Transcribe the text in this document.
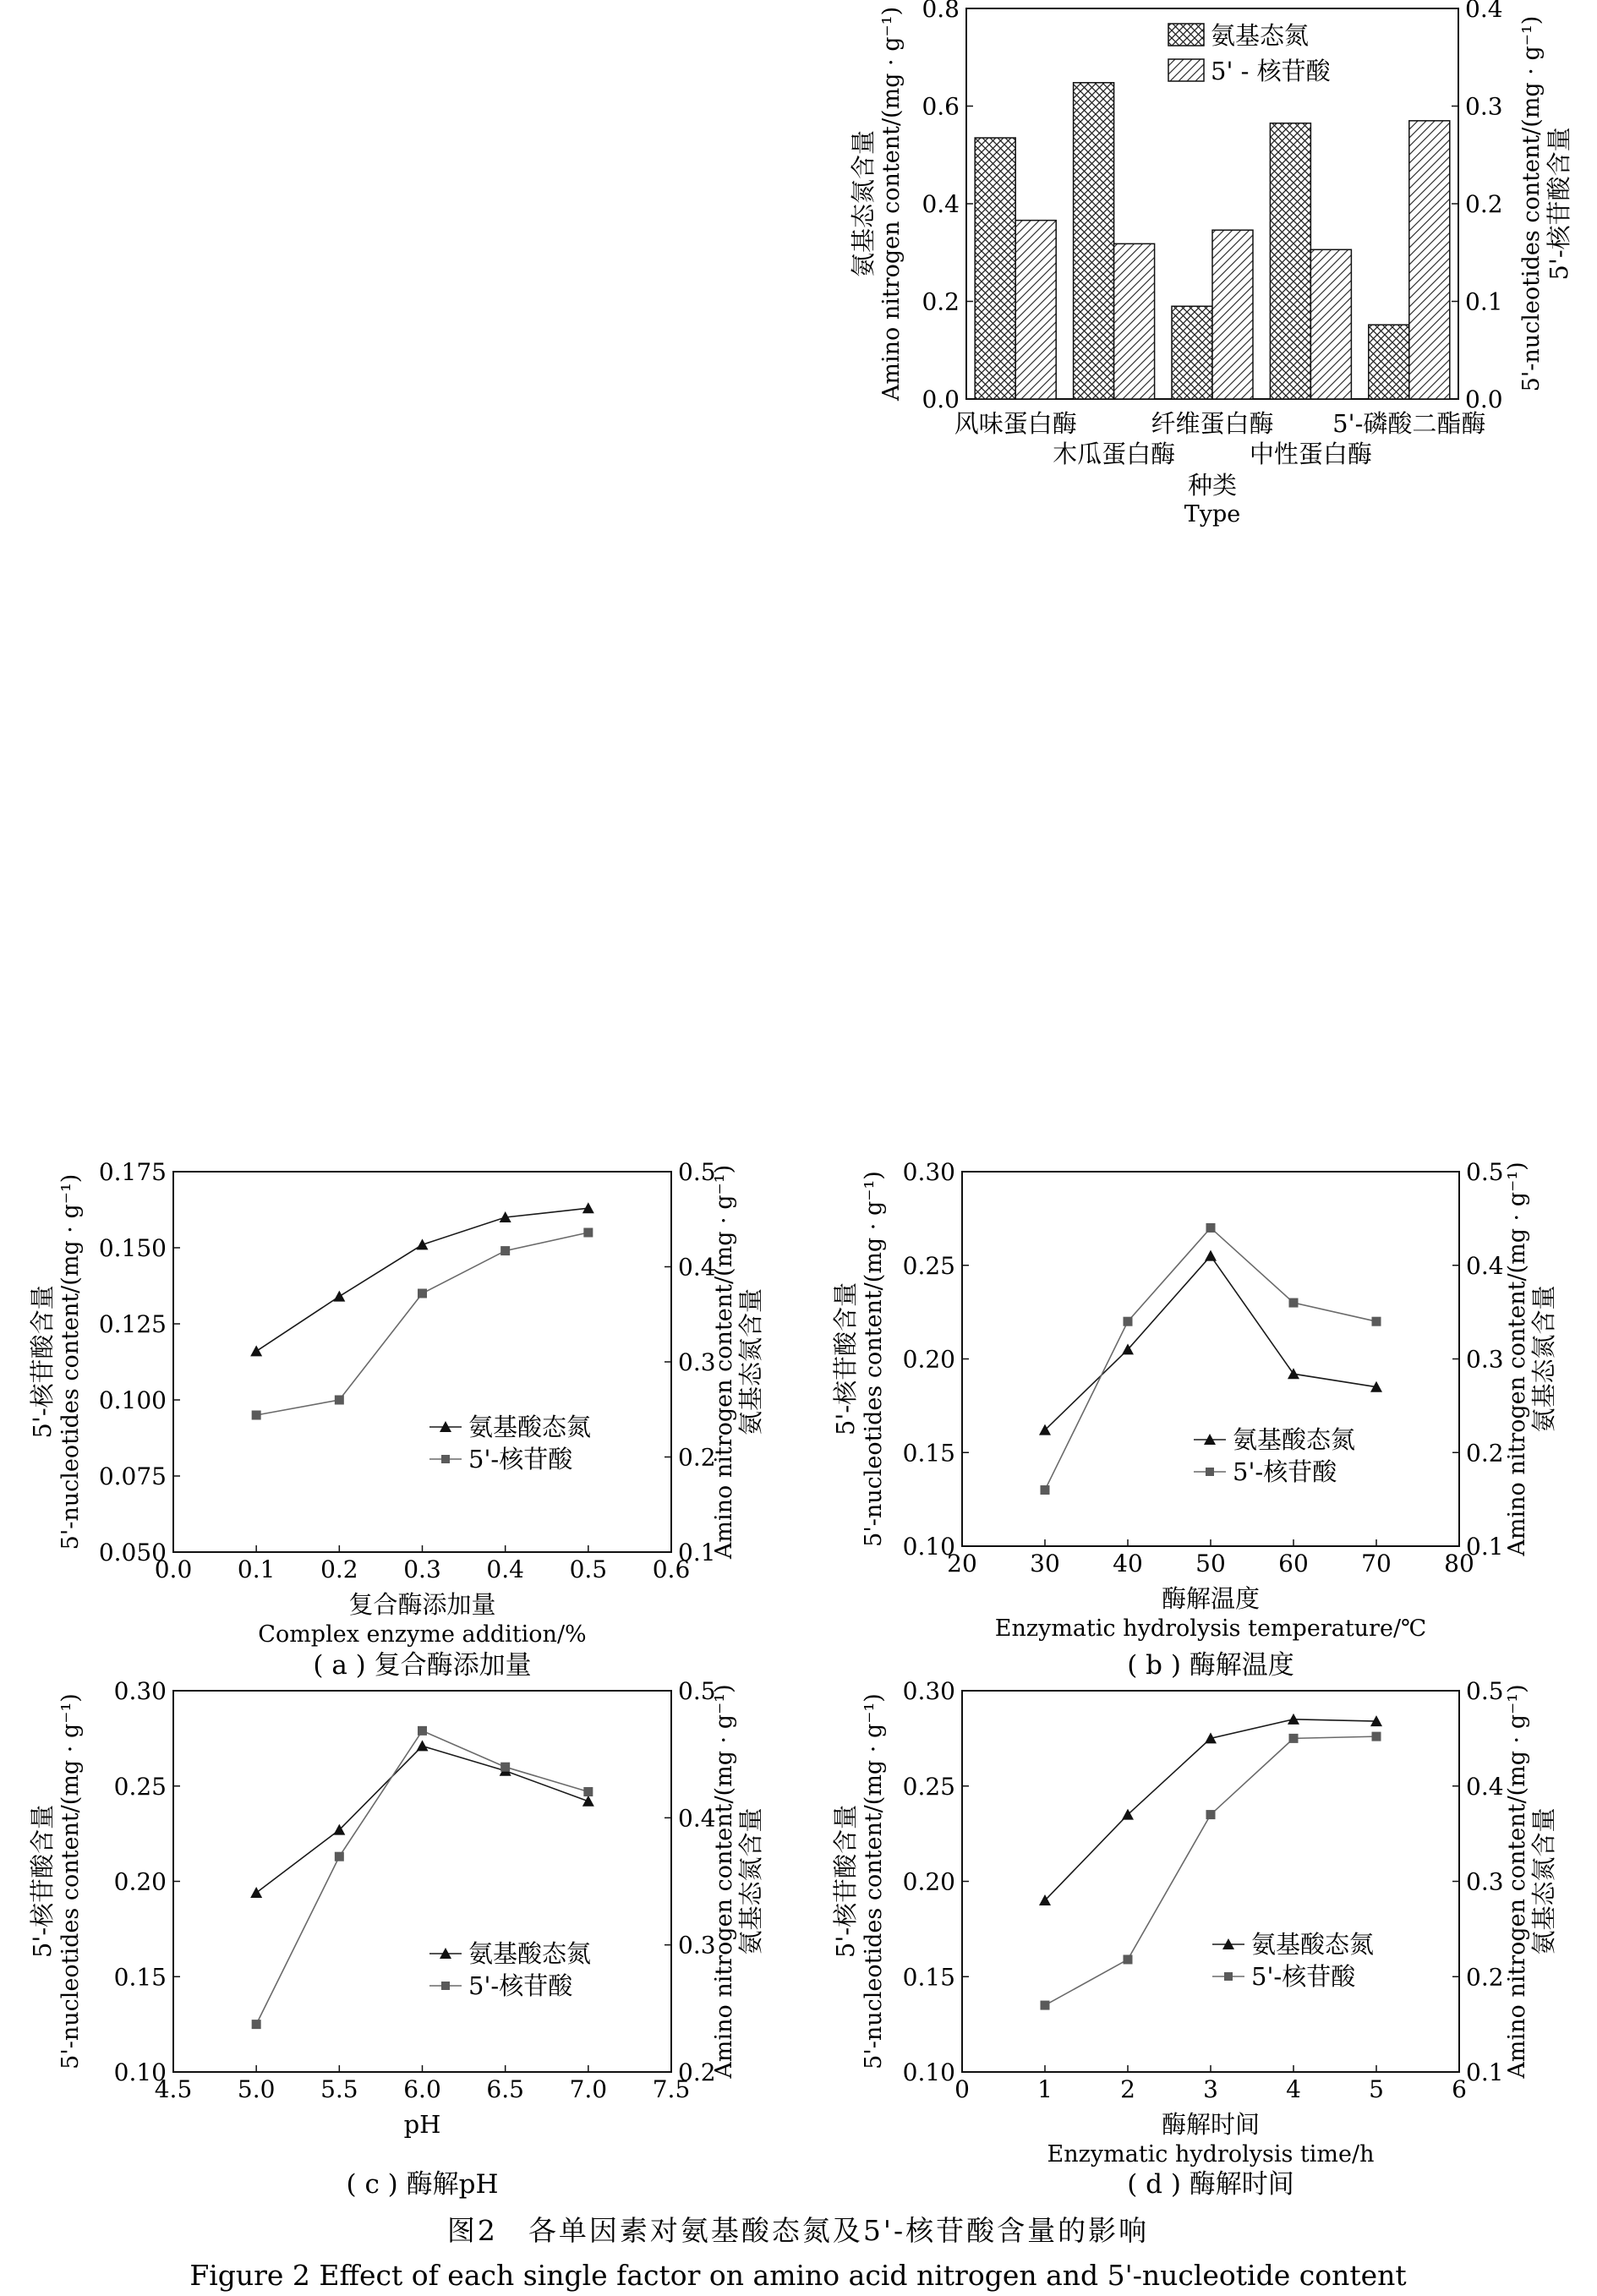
0.0
0.2
0.4
0.6
0.8
0.0
0.1
0.2
0.3
0.4
风味蛋白酶
木瓜蛋白酶
纤维蛋白酶
中性蛋白酶
5'-磷酸二酯酶
种类
Type
氨基态氮含量 Amino nitrogen content/(mg · g⁻¹)	5'-nucleotides content/(mg · g⁻¹) 5'-核苷酸含量
氨基态氮
5' - 核苷酸
0.0 0.1 0.2 0.3 0.4 0.5 0.6
0.050
0.075
0.100
0.125
0.150
0.175
0.1
0.2
0.3
0.4
0.5
氨基酸态氮
5'-核苷酸
复合酶添加量
Complex enzyme addition/%
5'-核苷酸含量 5'-nucleotides content/(mg · g⁻¹)	Amino nitrogen content/(mg · g⁻¹) 氨基态氮含量
( a ) 复合酶添加量
20 30 40 50 60 70 80
0.10
0.15
0.20
0.25
0.30
0.1
0.2
0.3
0.4
0.5
氨基酸态氮
5'-核苷酸
酶解温度
Enzymatic hydrolysis temperature/℃
5'-核苷酸含量 5'-nucleotides content/(mg · g⁻¹)	Amino nitrogen content/(mg · g⁻¹) 氨基态氮含量
( b ) 酶解温度
4.5 5.0 5.5 6.0 6.5 7.0 7.5
0.10
0.15
0.20
0.25
0.30
0.2
0.3
0.4
0.5
氨基酸态氮
5'-核苷酸
pH
5'-核苷酸含量 5'-nucleotides content/(mg · g⁻¹)	Amino nitrogen content/(mg · g⁻¹) 氨基态氮含量
( c ) 酶解pH
0	1	2	3	4	5	6
0.10
0.15
0.20
0.25
0.30
0.1
0.2
0.3
0.4
0.5
氨基酸态氮
5'-核苷酸
酶解时间
Enzymatic hydrolysis time/h
5'-核苷酸含量 5'-nucleotides content/(mg · g⁻¹)	Amino nitrogen content/(mg · g⁻¹) 氨基态氮含量
( d ) 酶解时间
图2　各单因素对氨基酸态氮及5'-核苷酸含量的影响
Figure 2 Effect of each single factor on amino acid nitrogen and 5'-nucleotide content
